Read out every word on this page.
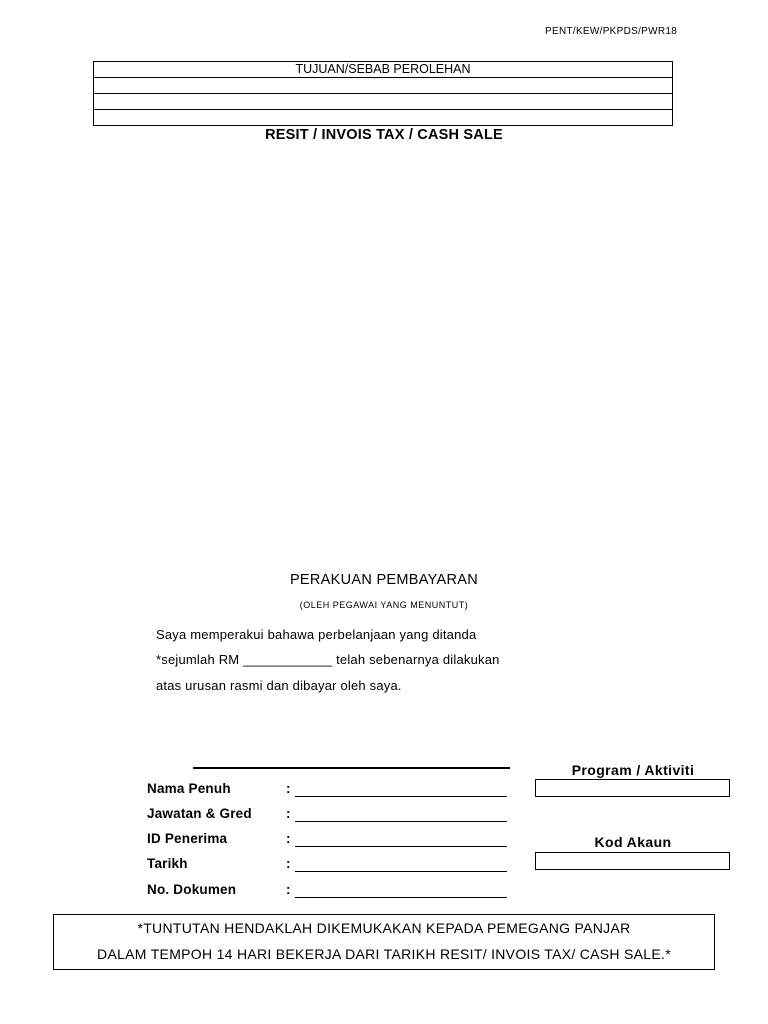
PENT/KEW/PKPDS/PWR18
TUJUAN/SEBAB PEROLEHAN

RESIT / INVOIS TAX / CASH SALE
PERAKUAN PEMBAYARAN
(OLEH PEGAWAI YANG MENUNTUT)
Saya memperakui bahawa perbelanjaan yang ditanda
*sejumlah RM ____________ telah sebenarnya dilakukan
atas urusan rasmi dan dibayar oleh saya.
Nama Penuh	:
Jawatan & Gred	:
ID Penerima	:
Tarikh	:
No. Dokumen	:
Program / Aktiviti
Kod Akaun
*TUNTUTAN HENDAKLAH DIKEMUKAKAN KEPADA PEMEGANG PANJAR
DALAM TEMPOH 14 HARI BEKERJA DARI TARIKH RESIT/ INVOIS TAX/ CASH SALE.*
